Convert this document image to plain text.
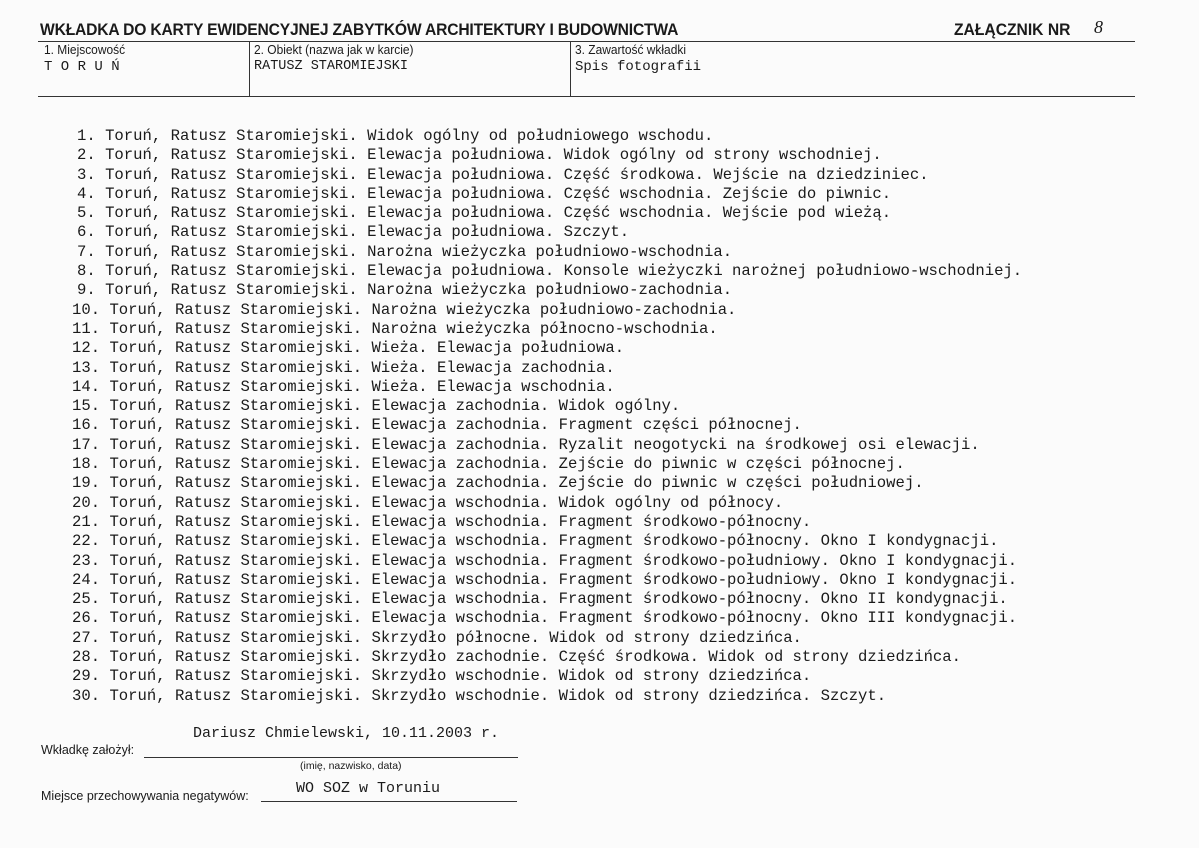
WKŁADKA DO KARTY EWIDENCYJNEJ ZABYTKÓW ARCHITEKTURY I BUDOWNICTWA	ZAŁĄCZNIK NR 8
1. Miejscowość
T O R U Ń
2. Obiekt (nazwa jak w karcie)
RATUSZ STAROMIEJSKI
3. Zawartość wkładki
Spis fotografii
1. Toruń, Ratusz Staromiejski. Widok ogólny od południowego wschodu.
2. Toruń, Ratusz Staromiejski. Elewacja południowa. Widok ogólny od strony wschodniej.
3. Toruń, Ratusz Staromiejski. Elewacja południowa. Część środkowa. Wejście na dziedziniec.
4. Toruń, Ratusz Staromiejski. Elewacja południowa. Część wschodnia. Zejście do piwnic.
5. Toruń, Ratusz Staromiejski. Elewacja południowa. Część wschodnia. Wejście pod wieżą.
6. Toruń, Ratusz Staromiejski. Elewacja południowa. Szczyt.
7. Toruń, Ratusz Staromiejski. Narożna wieżyczka południowo-wschodnia.
8. Toruń, Ratusz Staromiejski. Elewacja południowa. Konsole wieżyczki narożnej południowo-wschodniej.
9. Toruń, Ratusz Staromiejski. Narożna wieżyczka południowo-zachodnia.
10. Toruń, Ratusz Staromiejski. Narożna wieżyczka południowo-zachodnia.
11. Toruń, Ratusz Staromiejski. Narożna wieżyczka północno-wschodnia.
12. Toruń, Ratusz Staromiejski. Wieża. Elewacja południowa.
13. Toruń, Ratusz Staromiejski. Wieża. Elewacja zachodnia.
14. Toruń, Ratusz Staromiejski. Wieża. Elewacja wschodnia.
15. Toruń, Ratusz Staromiejski. Elewacja zachodnia. Widok ogólny.
16. Toruń, Ratusz Staromiejski. Elewacja zachodnia. Fragment części północnej.
17. Toruń, Ratusz Staromiejski. Elewacja zachodnia. Ryzalit neogotycki na środkowej osi elewacji.
18. Toruń, Ratusz Staromiejski. Elewacja zachodnia. Zejście do piwnic w części północnej.
19. Toruń, Ratusz Staromiejski. Elewacja zachodnia. Zejście do piwnic w części południowej.
20. Toruń, Ratusz Staromiejski. Elewacja wschodnia. Widok ogólny od północy.
21. Toruń, Ratusz Staromiejski. Elewacja wschodnia. Fragment środkowo-północny.
22. Toruń, Ratusz Staromiejski. Elewacja wschodnia. Fragment środkowo-północny. Okno I kondygnacji.
23. Toruń, Ratusz Staromiejski. Elewacja wschodnia. Fragment środkowo-południowy. Okno I kondygnacji.
24. Toruń, Ratusz Staromiejski. Elewacja wschodnia. Fragment środkowo-południowy. Okno I kondygnacji.
25. Toruń, Ratusz Staromiejski. Elewacja wschodnia. Fragment środkowo-północny. Okno II kondygnacji.
26. Toruń, Ratusz Staromiejski. Elewacja wschodnia. Fragment środkowo-północny. Okno III kondygnacji.
27. Toruń, Ratusz Staromiejski. Skrzydło północne. Widok od strony dziedzińca.
28. Toruń, Ratusz Staromiejski. Skrzydło zachodnie. Część środkowa. Widok od strony dziedzińca.
29. Toruń, Ratusz Staromiejski. Skrzydło wschodnie. Widok od strony dziedzińca.
30. Toruń, Ratusz Staromiejski. Skrzydło wschodnie. Widok od strony dziedzińca. Szczyt.
Dariusz Chmielewski, 10.11.2003 r.
Wkładkę założył:
(imię, nazwisko, data)
Miejsce przechowywania negatywów:	WO SOZ w Toruniu
